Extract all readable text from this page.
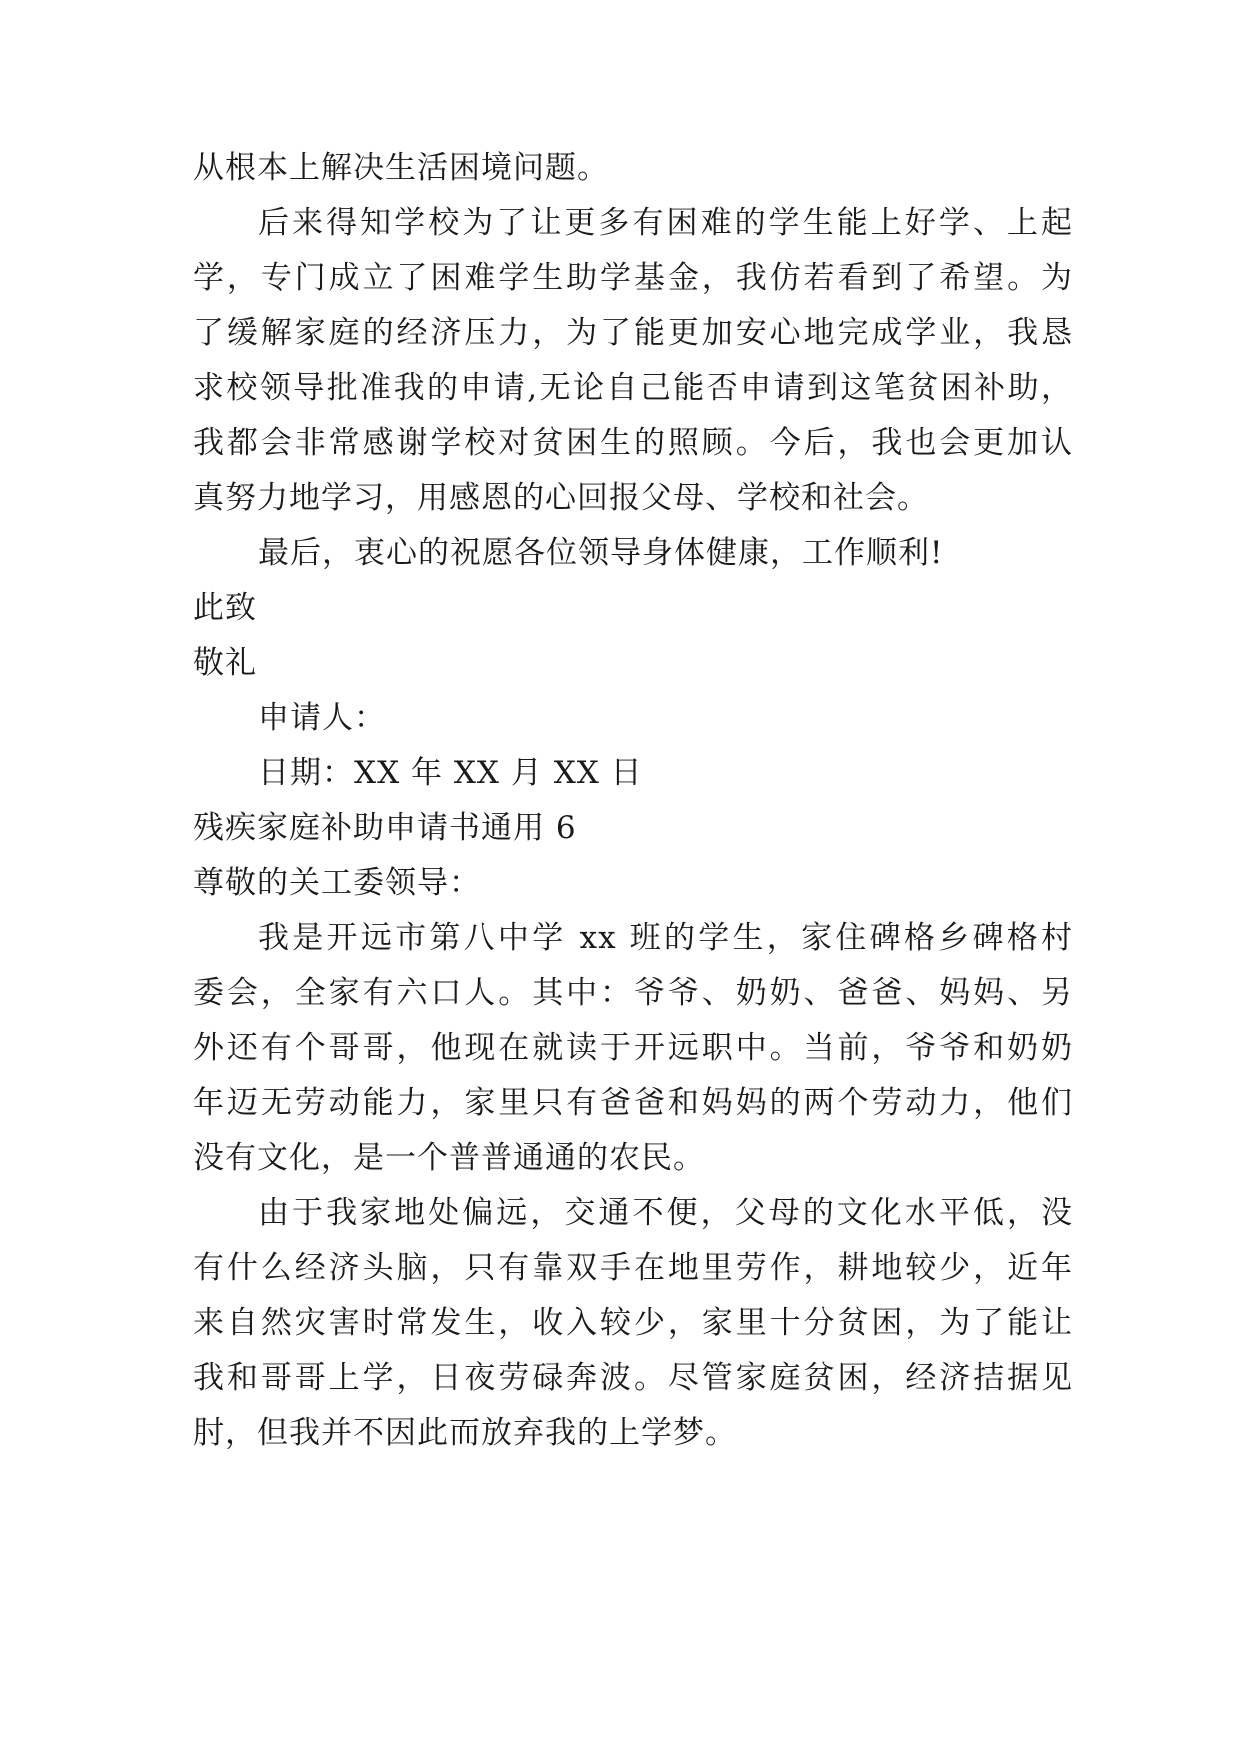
从根本上解决生活困境问题。
后来得知学校为了让更多有困难的学生能上好学、上起
学，专门成立了困难学生助学基金，我仿若看到了希望。为
了缓解家庭的经济压力，为了能更加安心地完成学业，我恳
求校领导批准我的申请,无论自己能否申请到这笔贫困补助，
我都会非常感谢学校对贫困生的照顾。今后，我也会更加认
真努力地学习，用感恩的心回报父母、学校和社会。
最后，衷心的祝愿各位领导身体健康，工作顺利!
此致
敬礼
申请人：
日期：XX 年 XX 月 XX 日
残疾家庭补助申请书通用 6
尊敬的关工委领导：
我是开远市第八中学 xx 班的学生，家住碑格乡碑格村
委会，全家有六口人。其中：爷爷、奶奶、爸爸、妈妈、另
外还有个哥哥，他现在就读于开远职中。当前，爷爷和奶奶
年迈无劳动能力，家里只有爸爸和妈妈的两个劳动力，他们
没有文化，是一个普普通通的农民。
由于我家地处偏远，交通不便，父母的文化水平低，没
有什么经济头脑，只有靠双手在地里劳作，耕地较少，近年
来自然灾害时常发生，收入较少，家里十分贫困，为了能让
我和哥哥上学，日夜劳碌奔波。尽管家庭贫困，经济拮据见
肘，但我并不因此而放弃我的上学梦。
